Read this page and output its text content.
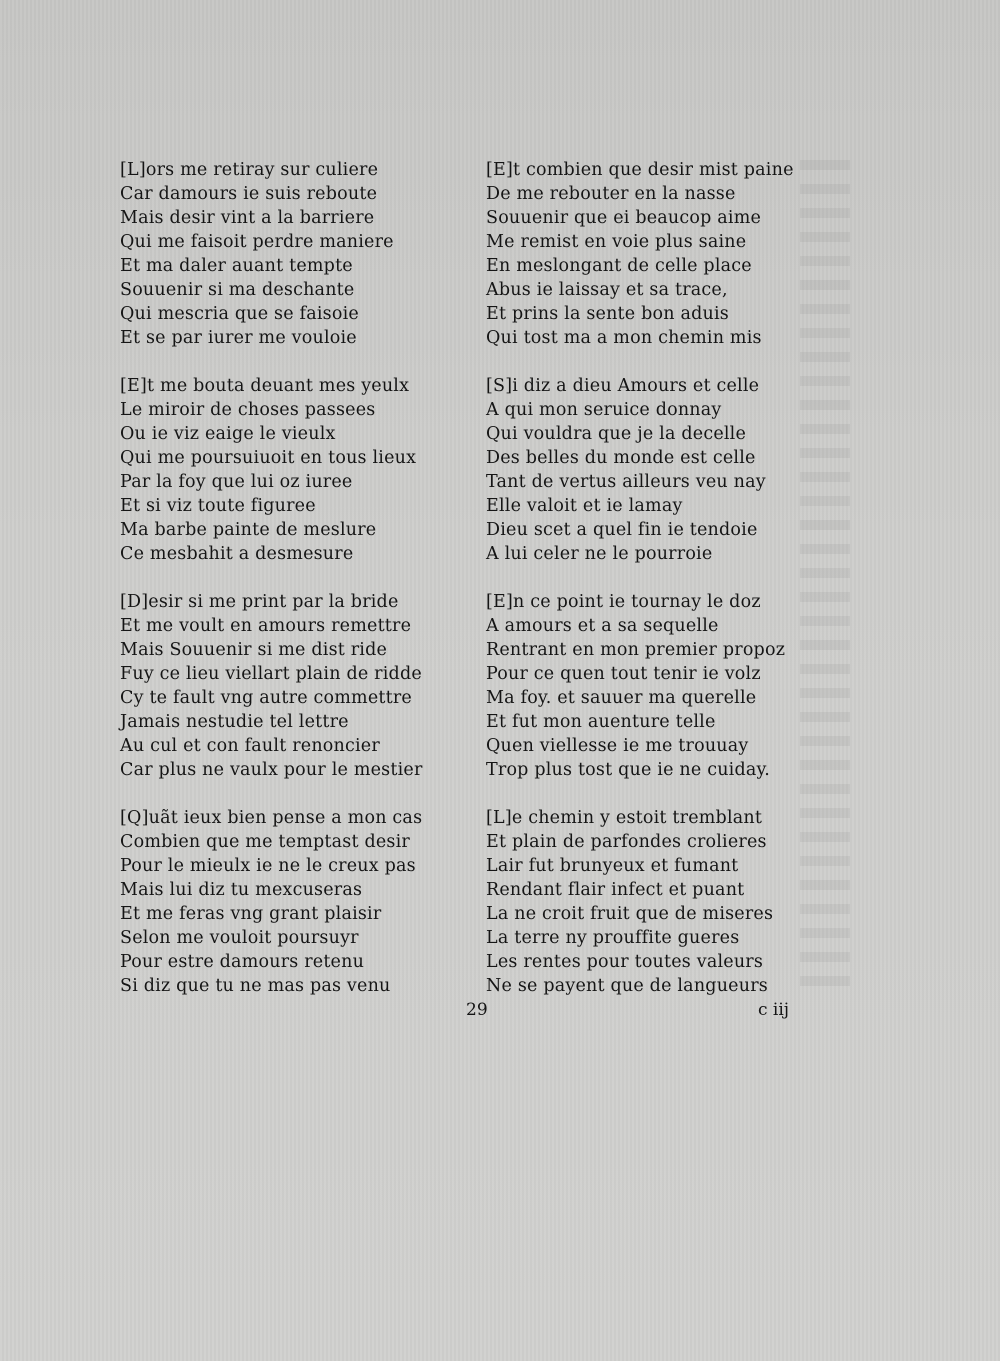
[L]ors me retiray sur culiere
Car damours ie suis reboute
Mais desir vint a la barriere
Qui me faisoit perdre maniere
Et ma daler auant tempte
Souuenir si ma deschante
Qui mescria que se faisoie
Et se par iurer me vouloie
[E]t me bouta deuant mes yeulx
Le miroir de choses passees
Ou ie viz eaige le vieulx
Qui me poursuiuoit en tous lieux
Par la foy que lui oz iuree
Et si viz toute figuree
Ma barbe painte de meslure
Ce mesbahit a desmesure
[D]esir si me print par la bride
Et me voult en amours remettre
Mais Souuenir si me dist ride
Fuy ce lieu viellart plain de ridde
Cy te fault vng autre commettre
Jamais nestudie tel lettre
Au cul et con fault renoncier
Car plus ne vaulx pour le mestier
[Q]uãt ieux bien pense a mon cas
Combien que me temptast desir
Pour le mieulx ie ne le creux pas
Mais lui diz tu mexcuseras
Et me feras vng grant plaisir
Selon me vouloit poursuyr
Pour estre damours retenu
Si diz que tu ne mas pas venu
[E]t combien que desir mist paine
De me rebouter en la nasse
Souuenir que ei beaucop aime
Me remist en voie plus saine
En meslongant de celle place
Abus ie laissay et sa trace,
Et prins la sente bon aduis
Qui tost ma a mon chemin mis
[S]i diz a dieu Amours et celle
A qui mon seruice donnay
Qui vouldra que je la decelle
Des belles du monde est celle
Tant de vertus ailleurs veu nay
Elle valoit et ie lamay
Dieu scet a quel fin ie tendoie
A lui celer ne le pourroie
[E]n ce point ie tournay le doz
A amours et a sa sequelle
Rentrant en mon premier propoz
Pour ce quen tout tenir ie volz
Ma foy. et sauuer ma querelle
Et fut mon auenture telle
Quen viellesse ie me trouuay
Trop plus tost que ie ne cuiday.
[L]e chemin y estoit tremblant
Et plain de parfondes crolieres
Lair fut brunyeux et fumant
Rendant flair infect et puant
La ne croit fruit que de miseres
La terre ny prouffite gueres
Les rentes pour toutes valeurs
Ne se payent que de langueurs
29	c iij
